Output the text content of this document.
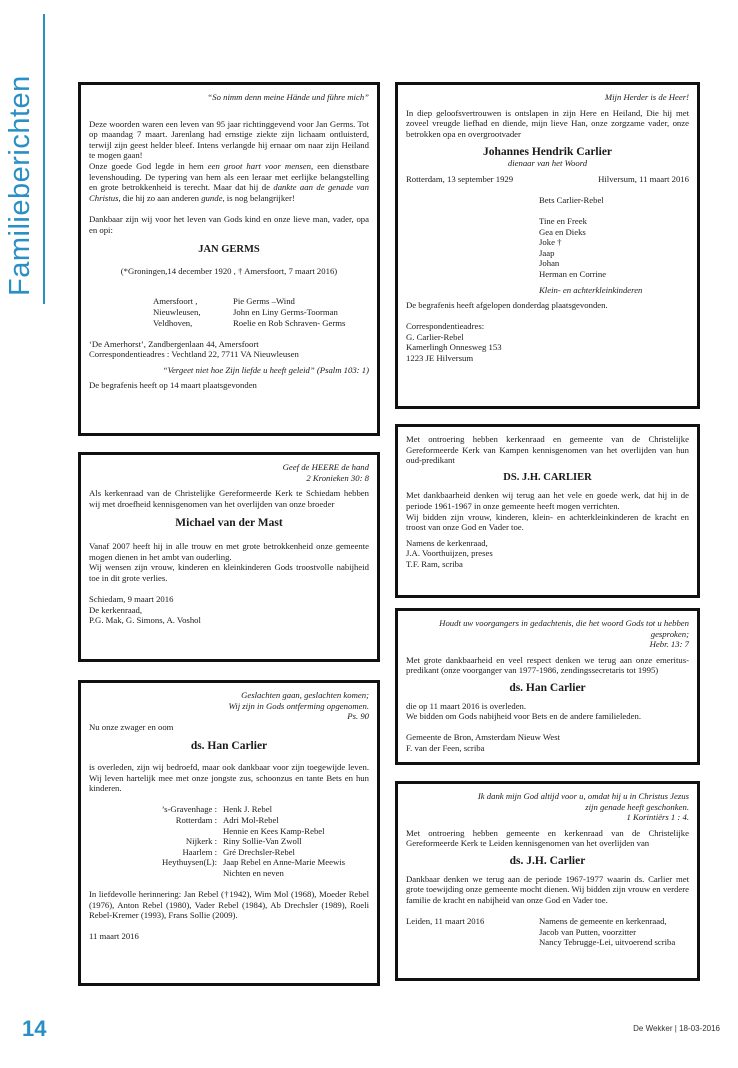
Familieberichten	“So nimm denn meine Hände und führe mich”

Deze woorden waren een leven van 95 jaar richtinggevend voor Jan Germs. Tot op maandag 7 maart. Jarenlang had ernstige ziekte zijn lichaam ontluisterd, terwijl zijn geest helder bleef. Intens verlangde hij ernaar om naar zijn Heiland te mogen gaan!

Onze goede God legde in hem een groot hart voor mensen, een dienstbare levenshouding. De typering van hem als een leraar met eerlijke belangstelling en grote betrokkenheid is terecht. Maar dat hij de dankte aan de genade van Christus, die hij zo aan anderen gunde, is nog belangrijker!

Dankbaar zijn wij voor het leven van Gods kind en onze lieve man, vader, opa en opi:

JAN GERMS

(*Groningen,14 december 1920 , † Amersfoort, 7 maart 2016)

Amersfoort ,	Pie Germs –Wind
Nieuwleusen,	John en Liny Germs-Toorman
Veldhoven,	Roelie en Rob Schraven- Germs

‘De Amerhorst’, Zandbergenlaan 44, Amersfoort

Correspondentieadres : Vechtland 22, 7711 VA Nieuwleusen

“Vergeet niet hoe Zijn liefde u heeft geleid” (Psalm 103: 1)

De begrafenis heeft op 14 maart plaatsgevonden

Mijn Herder is de Heer!

In diep geloofsvertrouwen is ontslapen in zijn Here en Heiland, Die hij met zoveel vreugde liefhad en diende, mijn lieve Han, onze zorgzame vader, onze betrokken opa en overgrootvader

Johannes Hendrik Carlier

dienaar van het Woord

Rotterdam, 13 september 1929	Hilversum, 11 maart 2016

Bets Carlier-Rebel

Tine en Freek

Gea en Dieks

Joke †

Jaap

Johan

Herman en Corrine

Klein- en achterkleinkinderen

De begrafenis heeft afgelopen donderdag plaatsgevonden.

Correspondentieadres:

G. Carlier-Rebel

Kamerlingh Onnesweg 153

1223 JE Hilversum

Met ontroering hebben kerkenraad en gemeente van de Christelijke Gereformeerde Kerk van Kampen kennisgenomen van het overlijden van hun oud-predikant

DS. J.H. CARLIER

Met dankbaarheid denken wij terug aan het vele en goede werk, dat hij in de periode 1961-1967 in onze gemeente heeft mogen verrichten.

Wij bidden zijn vrouw, kinderen, klein- en achterkleinkinderen de kracht en troost van onze God en Vader toe.

Namens de kerkenraad,

J.A. Voorthuijzen, preses

T.F. Ram, scriba

Geef de HEERE de hand

2 Kronieken 30: 8

Als kerkenraad van de Christelijke Gereformeerde Kerk te Schiedam hebben wij met droefheid kennisgenomen van het overlijden van onze broeder

Michael van der Mast

Vanaf 2007 heeft hij in alle trouw en met grote betrokkenheid onze gemeente mogen dienen in het ambt van ouderling.

Wij wensen zijn vrouw, kinderen en kleinkinderen Gods troostvolle nabijheid toe in dit grote verlies.

Schiedam, 9 maart 2016

De kerkenraad,

P.G. Mak, G. Simons, A. Voshol	Houdt uw voorgangers in gedachtenis, die het woord Gods tot u hebben gesproken;

Hebr. 13: 7

Met grote dankbaarheid en veel respect denken we terug aan onze emerituspredikant (onze voorganger van 1977-1986, zendingssecretaris tot 1995)

ds. Han Carlier

die op 11 maart 2016 is overleden.

We bidden om Gods nabijheid voor Bets en de andere familieleden.

Gemeente de Bron, Amsterdam Nieuw West

F. van der Feen, scriba

Geslachten gaan, geslachten komen;

Wij zijn in Gods ontferming opgenomen.

Ps. 90

Nu onze zwager en oom

ds. Han Carlier

is overleden, zijn wij bedroefd, maar ook dankbaar voor zijn toegewijde leven. Wij leven hartelijk mee met onze jongste zus, schoonzus en tante Bets en hun kinderen.

’s-Gravenhage :	Henk J. Rebel
Rotterdam :	Adri Mol-Rebel
	Hennie en Kees Kamp-Rebel
Nijkerk :	Riny Sollie-Van Zwoll
Haarlem :	Gré Drechsler-Rebel
Heythuysen(L):	Jaap Rebel en Anne-Marie Meewis
	Nichten en neven

In liefdevolle herinnering: Jan Rebel (†1942), Wim Mol (1968), Moeder Rebel (1976), Anton Rebel (1980), Vader Rebel (1984), Ab Drechsler (1989), Roeli Rebel-Kremer (1993), Frans Sollie (2009).

11 maart 2016

Ik dank mijn God altijd voor u, omdat hij u in Christus Jezus

zijn genade heeft geschonken.

1 Korintiërs 1 : 4.

Met ontroering hebben gemeente en kerkenraad van de Christelijke Gereformeerde Kerk te Leiden kennisgenomen van het overlijden van

ds. J.H. Carlier

Dankbaar denken we terug aan de periode 1967-1977 waarin ds. Carlier met grote toewijding onze gemeente mocht dienen. Wij bidden zijn vrouw en verdere familie de kracht en nabijheid van onze God en Vader toe.

Leiden, 11 maart 2016	Namens de gemeente en kerkenraad,

Jacob van Putten, voorzitter

Nancy Tebrugge-Lei, uitvoerend scriba

14	De Wekker | 18-03-2016
